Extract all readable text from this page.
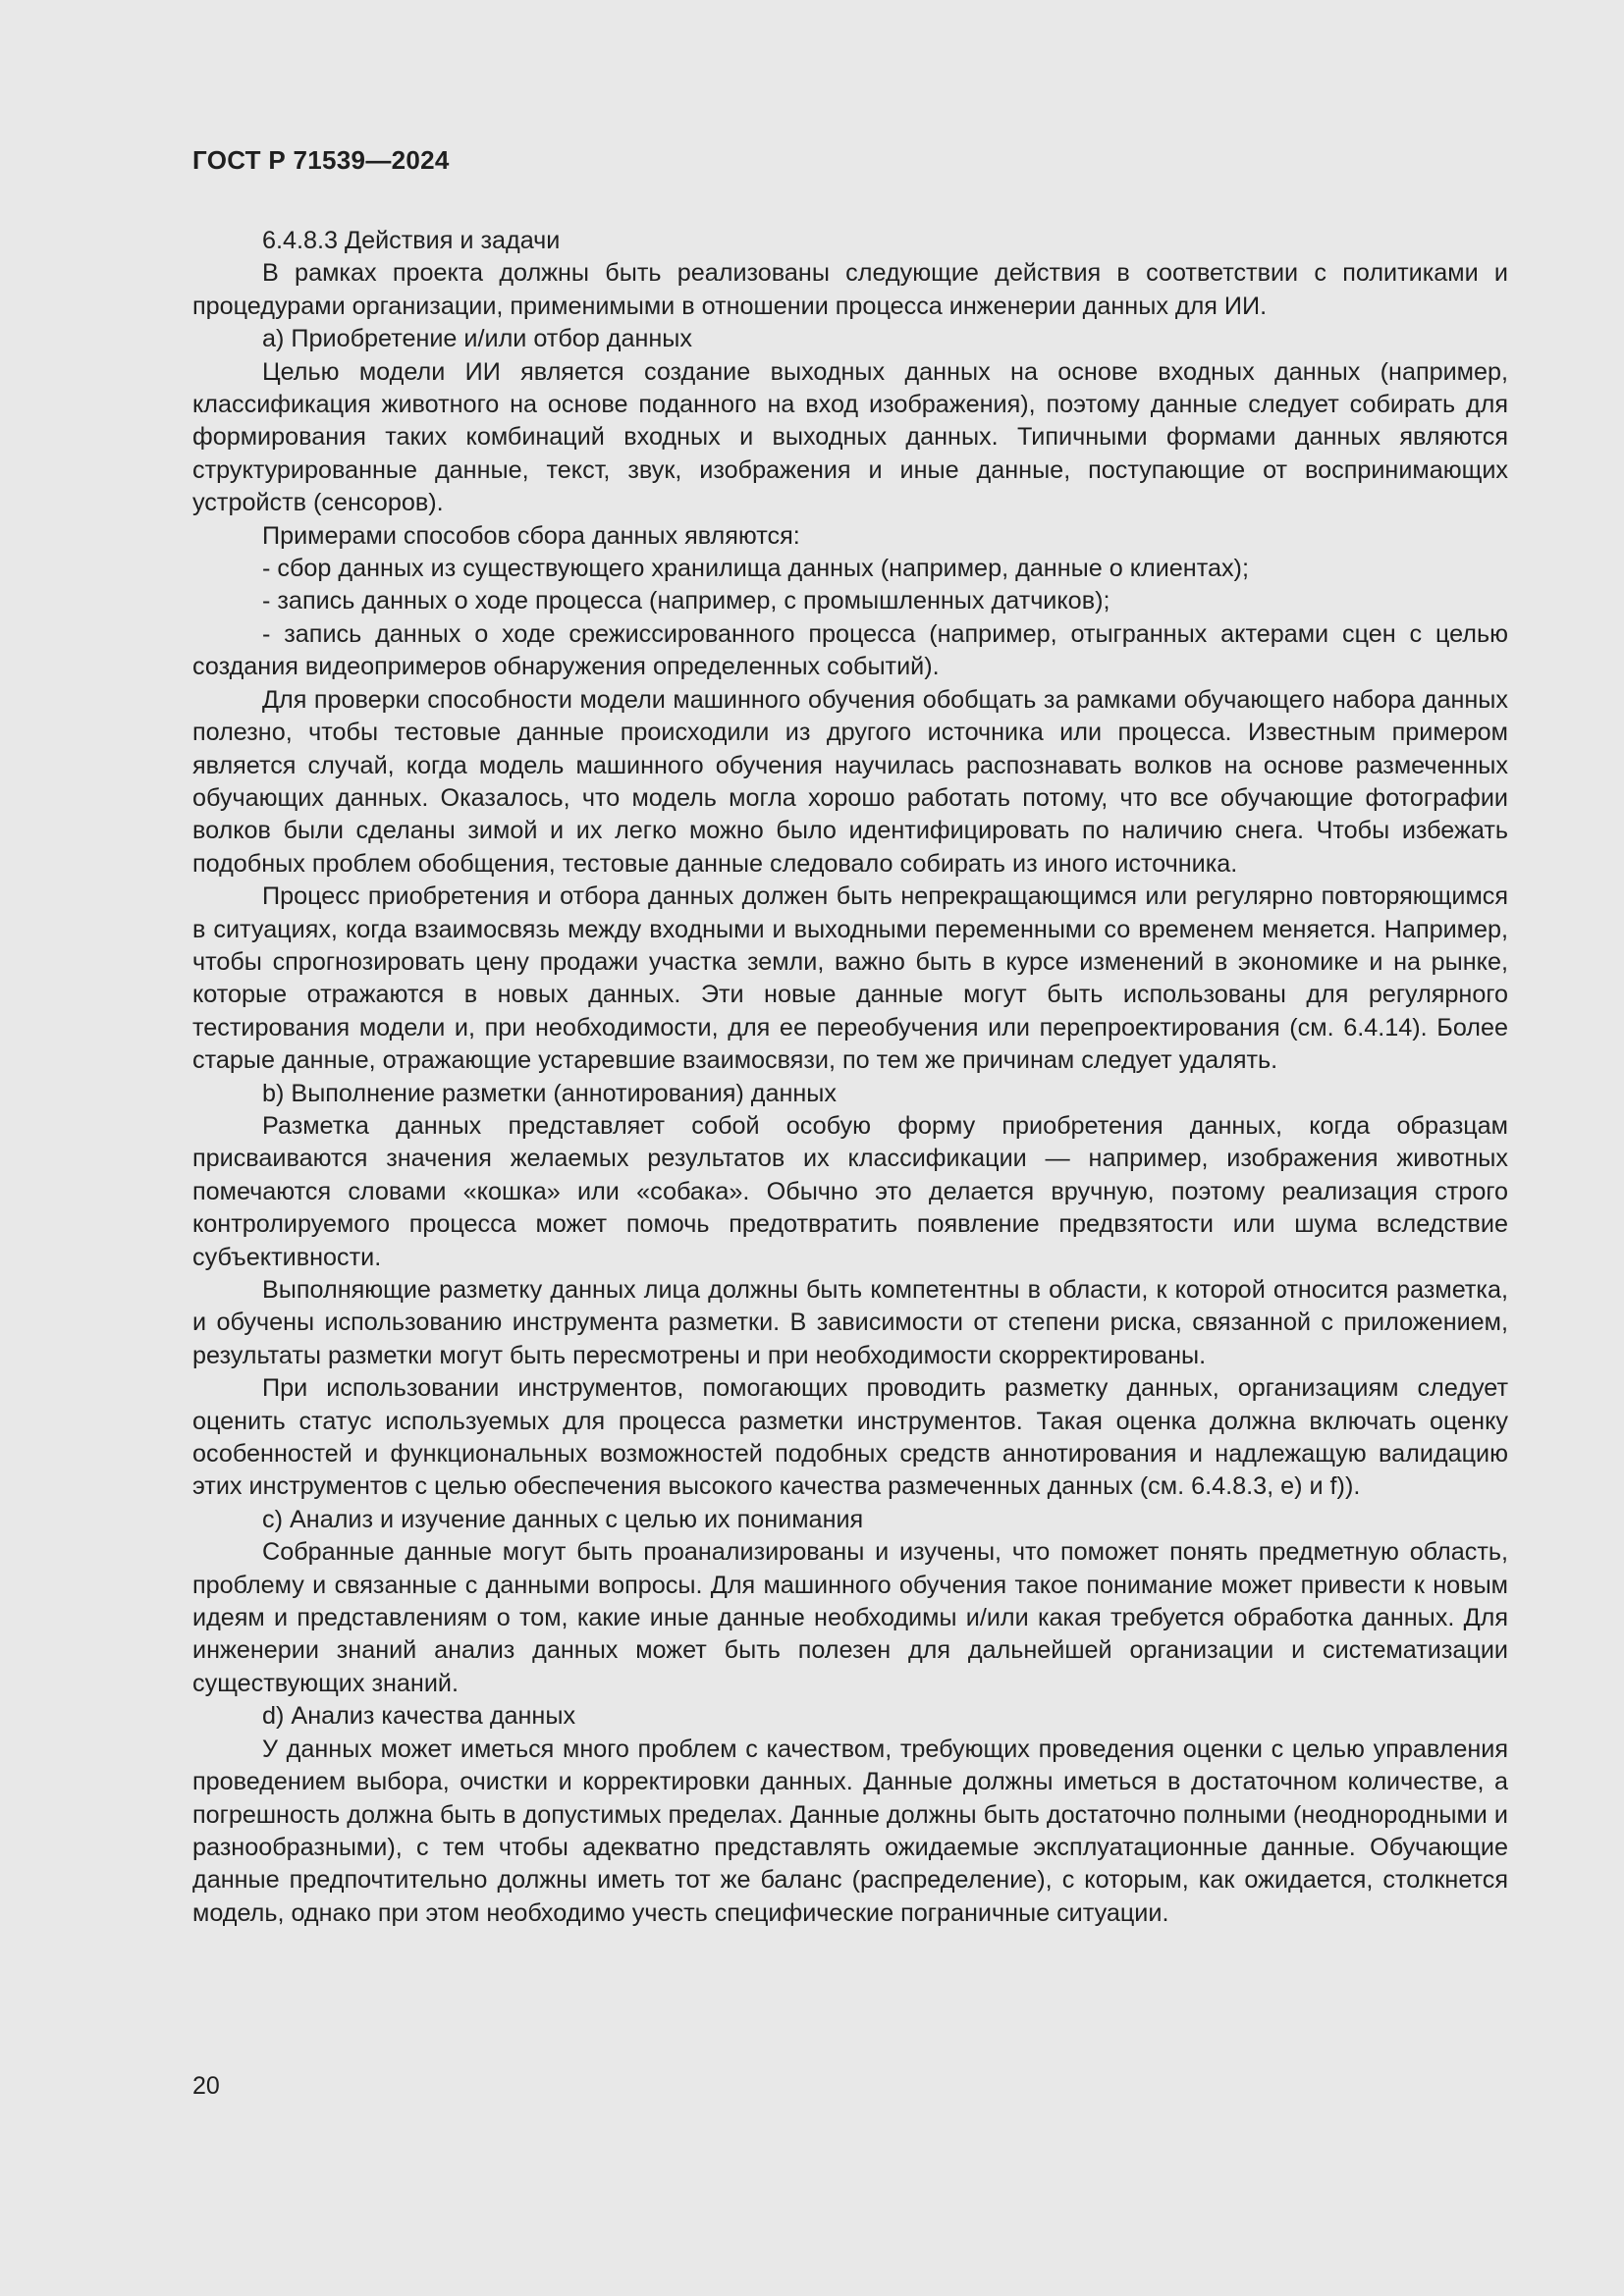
ГОСТ Р 71539—2024

6.4.8.3 Действия и задачи

В рамках проекта должны быть реализованы следующие действия в соответствии с политиками и процедурами организации, применимыми в отношении процесса инженерии данных для ИИ.

a) Приобретение и/или отбор данных

Целью модели ИИ является создание выходных данных на основе входных данных (например, классификация животного на основе поданного на вход изображения), поэтому данные следует собирать для формирования таких комбинаций входных и выходных данных. Типичными формами данных являются структурированные данные, текст, звук, изображения и иные данные, поступающие от воспринимающих устройств (сенсоров).

Примерами способов сбора данных являются:

- сбор данных из существующего хранилища данных (например, данные о клиентах);

- запись данных о ходе процесса (например, с промышленных датчиков);

- запись данных о ходе срежиссированного процесса (например, отыгранных актерами сцен с целью создания видеопримеров обнаружения определенных событий).

Для проверки способности модели машинного обучения обобщать за рамками обучающего набора данных полезно, чтобы тестовые данные происходили из другого источника или процесса. Известным примером является случай, когда модель машинного обучения научилась распознавать волков на основе размеченных обучающих данных. Оказалось, что модель могла хорошо работать потому, что все обучающие фотографии волков были сделаны зимой и их легко можно было идентифицировать по наличию снега. Чтобы избежать подобных проблем обобщения, тестовые данные следовало собирать из иного источника.

Процесс приобретения и отбора данных должен быть непрекращающимся или регулярно повторяющимся в ситуациях, когда взаимосвязь между входными и выходными переменными со временем меняется. Например, чтобы спрогнозировать цену продажи участка земли, важно быть в курсе изменений в экономике и на рынке, которые отражаются в новых данных. Эти новые данные могут быть использованы для регулярного тестирования модели и, при необходимости, для ее переобучения или перепроектирования (см. 6.4.14). Более старые данные, отражающие устаревшие взаимосвязи, по тем же причинам следует удалять.

b) Выполнение разметки (аннотирования) данных

Разметка данных представляет собой особую форму приобретения данных, когда образцам присваиваются значения желаемых результатов их классификации — например, изображения животных помечаются словами «кошка» или «собака». Обычно это делается вручную, поэтому реализация строго контролируемого процесса может помочь предотвратить появление предвзятости или шума вследствие субъективности.

Выполняющие разметку данных лица должны быть компетентны в области, к которой относится разметка, и обучены использованию инструмента разметки. В зависимости от степени риска, связанной с приложением, результаты разметки могут быть пересмотрены и при необходимости скорректированы.

При использовании инструментов, помогающих проводить разметку данных, организациям следует оценить статус используемых для процесса разметки инструментов. Такая оценка должна включать оценку особенностей и функциональных возможностей подобных средств аннотирования и надлежащую валидацию этих инструментов с целью обеспечения высокого качества размеченных данных (см. 6.4.8.3, e) и f)).

c) Анализ и изучение данных с целью их понимания

Собранные данные могут быть проанализированы и изучены, что поможет понять предметную область, проблему и связанные с данными вопросы. Для машинного обучения такое понимание может привести к новым идеям и представлениям о том, какие иные данные необходимы и/или какая требуется обработка данных. Для инженерии знаний анализ данных может быть полезен для дальнейшей организации и систематизации существующих знаний.

d) Анализ качества данных

У данных может иметься много проблем с качеством, требующих проведения оценки с целью управления проведением выбора, очистки и корректировки данных. Данные должны иметься в достаточном количестве, а погрешность должна быть в допустимых пределах. Данные должны быть достаточно полными (неоднородными и разнообразными), с тем чтобы адекватно представлять ожидаемые эксплуатационные данные. Обучающие данные предпочтительно должны иметь тот же баланс (распределение), с которым, как ожидается, столкнется модель, однако при этом необходимо учесть специфические пограничные ситуации.

20
